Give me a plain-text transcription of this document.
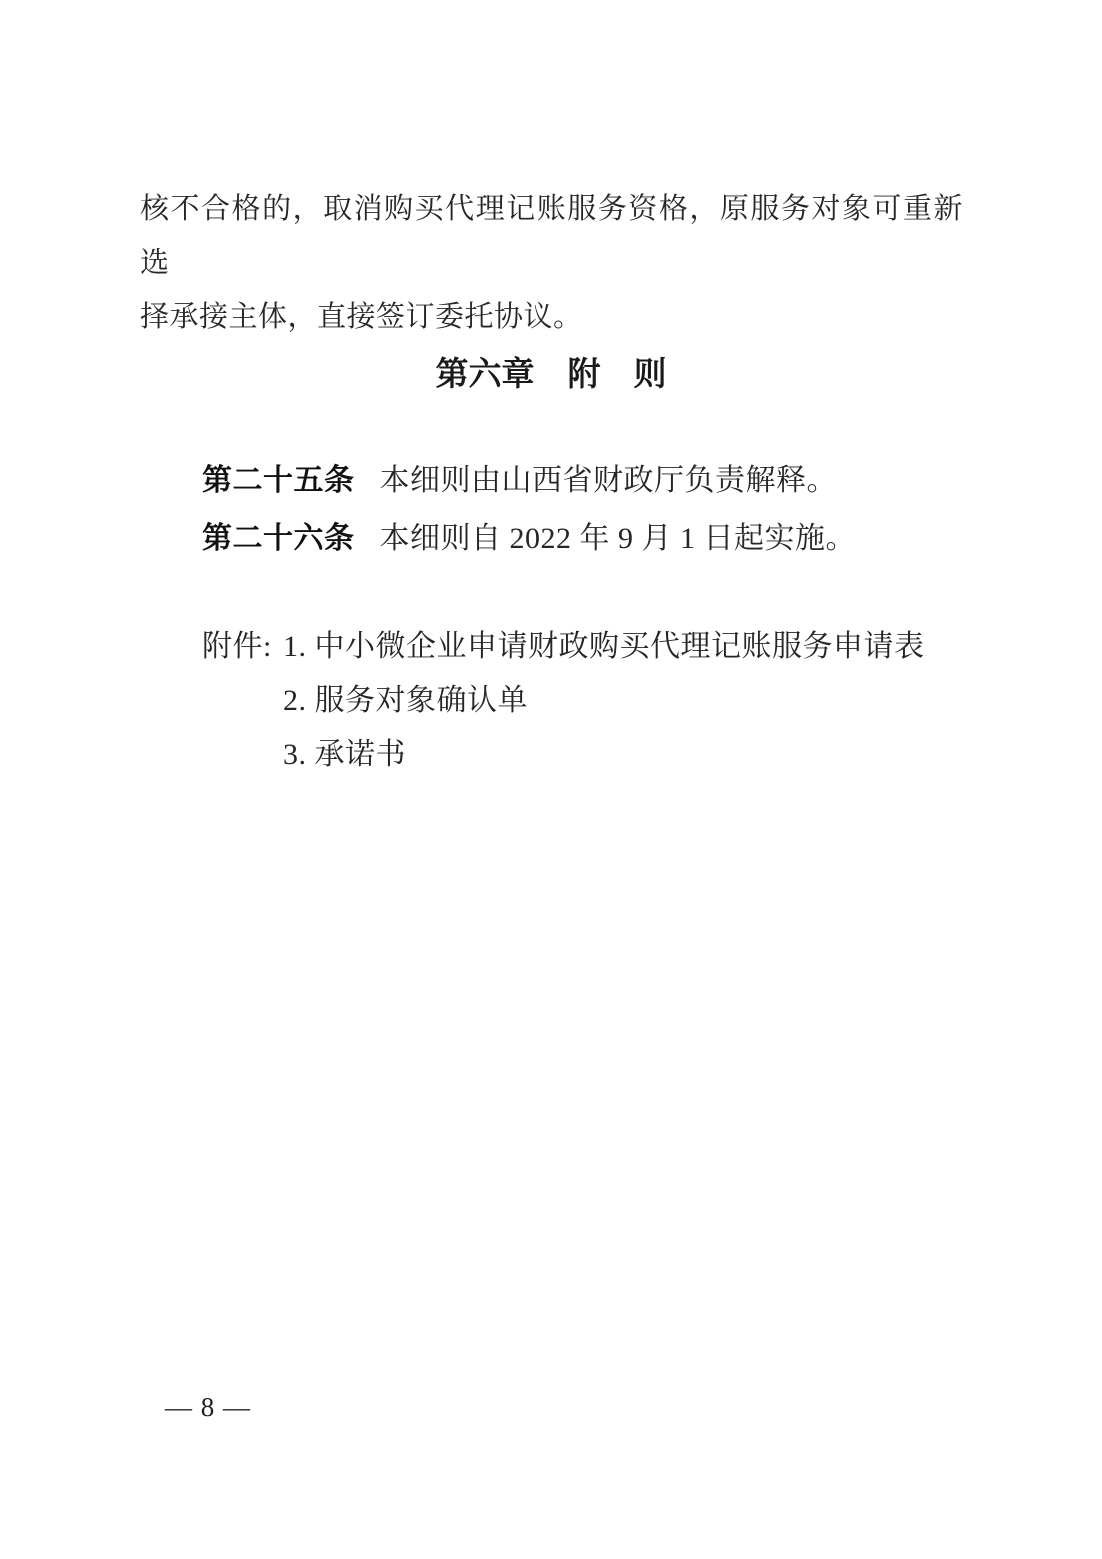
核不合格的，取消购买代理记账服务资格，原服务对象可重新选
择承接主体，直接签订委托协议。
第六章　附　则
第二十五条 本细则由山西省财政厅负责解释。
第二十六条 本细则自 2022 年 9 月 1 日起实施。
附件: 1. 中小微企业申请财政购买代理记账服务申请表
2. 服务对象确认单
3. 承诺书
— 8 —
